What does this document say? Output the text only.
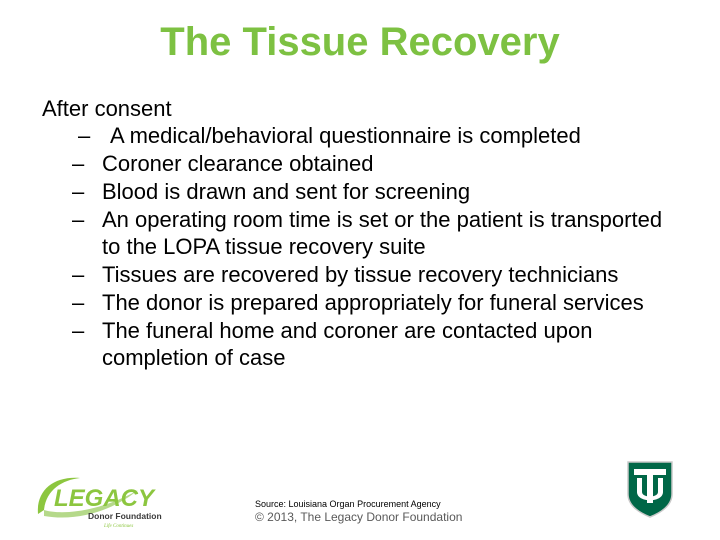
The Tissue Recovery

After consent

– A medical/behavioral questionnaire is completed
– Coroner clearance obtained
– Blood is drawn and sent for screening
– An operating room time is set or the patient is transported to the LOPA tissue recovery suite
– Tissues are recovered by tissue recovery technicians
– The donor is prepared appropriately for funeral services
– The funeral home and coroner are contacted upon completion of case
LEGACY
Donor Foundation
Life Continues
Source: Louisiana Organ Procurement Agency
© 2013, The Legacy Donor Foundation
